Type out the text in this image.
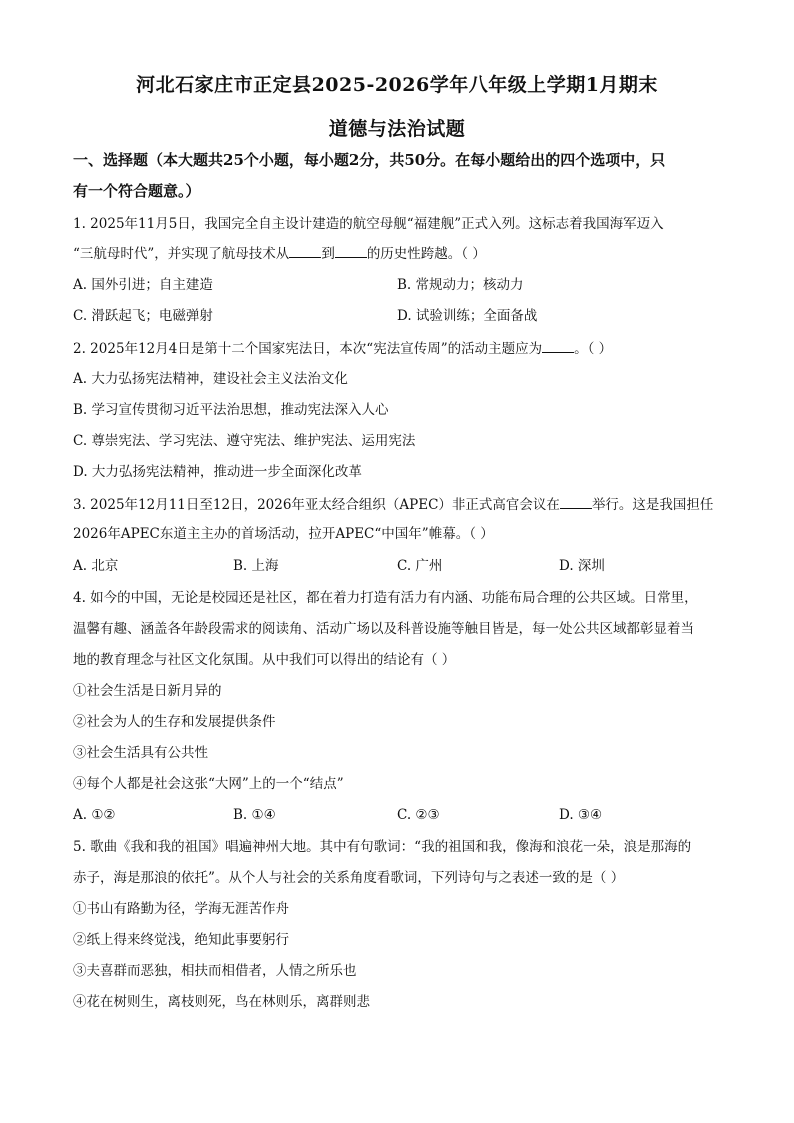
河北石家庄市正定县2025-2026学年八年级上学期1月期末
道德与法治试题
一、选择题（本大题共25个小题，每小题2分，共50分。在每小题给出的四个选项中，只
有一个符合题意。）
1. 2025年11月5日，我国完全自主设计建造的航空母舰“福建舰”正式入列。这标志着我国海军迈入
“三航母时代”，并实现了航母技术从 到 的历史性跨越。（ ）
A. 国外引进；自主建造	B. 常规动力；核动力
C. 滑跃起飞；电磁弹射	D. 试验训练；全面备战
2. 2025年12月4日是第十二个国家宪法日，本次“宪法宣传周”的活动主题应为 。（ ）
A. 大力弘扬宪法精神，建设社会主义法治文化
B. 学习宣传贯彻习近平法治思想，推动宪法深入人心
C. 尊崇宪法、学习宪法、遵守宪法、维护宪法、运用宪法
D. 大力弘扬宪法精神，推动进一步全面深化改革
3. 2025年12月11日至12日，2026年亚太经合组织（APEC）非正式高官会议在 举行。这是我国担任
2026年APEC东道主主办的首场活动，拉开APEC“中国年”帷幕。（ ）
A. 北京	B. 上海	C. 广州	D. 深圳
4. 如今的中国，无论是校园还是社区，都在着力打造有活力有内涵、功能布局合理的公共区域。日常里，
温馨有趣、涵盖各年龄段需求的阅读角、活动广场以及科普设施等触目皆是，每一处公共区域都彰显着当
地的教育理念与社区文化氛围。从中我们可以得出的结论有（ ）
①社会生活是日新月异的
②社会为人的生存和发展提供条件
③社会生活具有公共性
④每个人都是社会这张“大网”上的一个“结点”
A. ①②	B. ①④	C. ②③	D. ③④
5. 歌曲《我和我的祖国》唱遍神州大地。其中有句歌词：“我的祖国和我，像海和浪花一朵，浪是那海的
赤子，海是那浪的依托”。从个人与社会的关系角度看歌词，下列诗句与之表述一致的是（ ）
①书山有路勤为径，学海无涯苦作舟
②纸上得来终觉浅，绝知此事要躬行
③夫喜群而恶独，相扶而相借者，人情之所乐也
④花在树则生，离枝则死，鸟在林则乐，离群则悲
